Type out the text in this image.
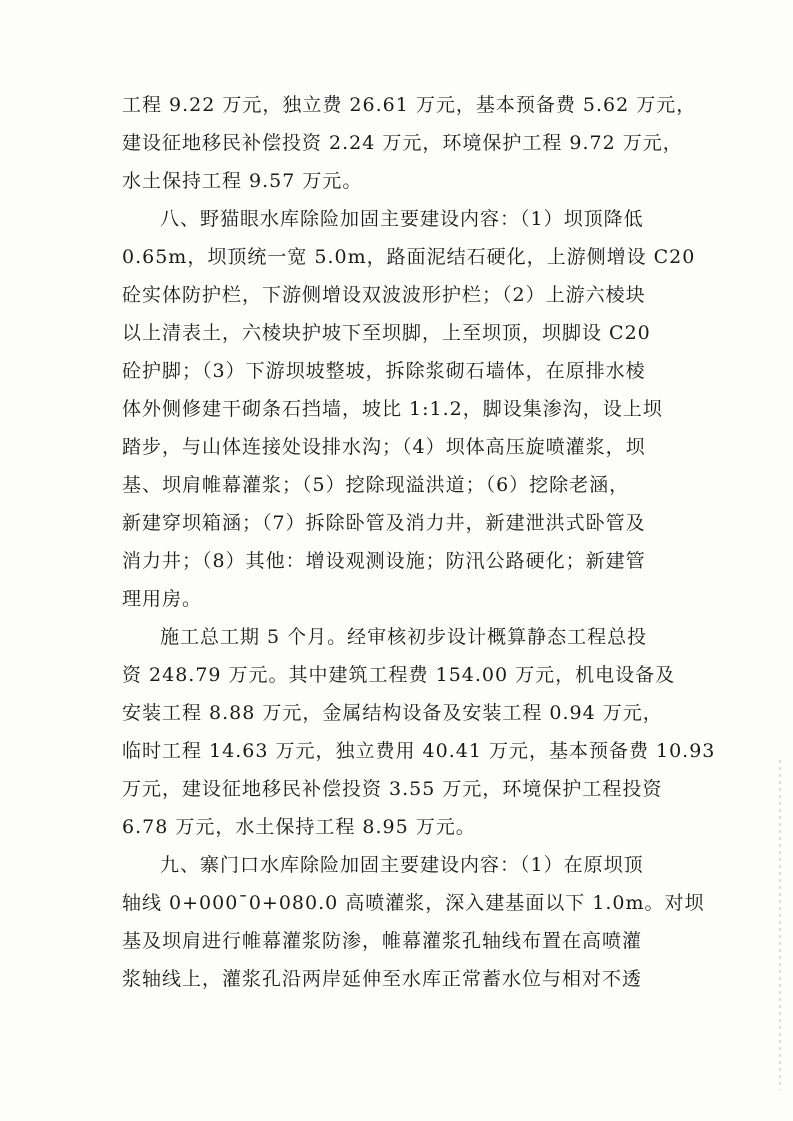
工程 9.22 万元，独立费 26.61 万元，基本预备费 5.62 万元，
建设征地移民补偿投资 2.24 万元，环境保护工程 9.72 万元，
水土保持工程 9.57 万元。
八、野猫眼水库除险加固主要建设内容：（1）坝顶降低
0.65m，坝顶统一宽 5.0m，路面泥结石硬化，上游侧增设 C20
砼实体防护栏，下游侧增设双波波形护栏；（2）上游六棱块
以上清表土，六棱块护坡下至坝脚，上至坝顶，坝脚设 C20
砼护脚；（3）下游坝坡整坡，拆除浆砌石墙体，在原排水棱
体外侧修建干砌条石挡墙，坡比 1:1.2，脚设集渗沟，设上坝
踏步，与山体连接处设排水沟；（4）坝体高压旋喷灌浆，坝
基、坝肩帷幕灌浆；（5）挖除现溢洪道；（6）挖除老涵，
新建穿坝箱涵；（7）拆除卧管及消力井，新建泄洪式卧管及
消力井；（8）其他：增设观测设施；防汛公路硬化；新建管
理用房。
施工总工期 5 个月。经审核初步设计概算静态工程总投
资 248.79 万元。其中建筑工程费 154.00 万元，机电设备及
安装工程 8.88 万元，金属结构设备及安装工程 0.94 万元，
临时工程 14.63 万元，独立费用 40.41 万元，基本预备费 10.93
万元，建设征地移民补偿投资 3.55 万元，环境保护工程投资
6.78 万元，水土保持工程 8.95 万元。
九、寨门口水库除险加固主要建设内容：（1）在原坝顶
轴线 0+000¯0+080.0 高喷灌浆，深入建基面以下 1.0m。对坝
基及坝肩进行帷幕灌浆防渗，帷幕灌浆孔轴线布置在高喷灌
浆轴线上，灌浆孔沿两岸延伸至水库正常蓄水位与相对不透
